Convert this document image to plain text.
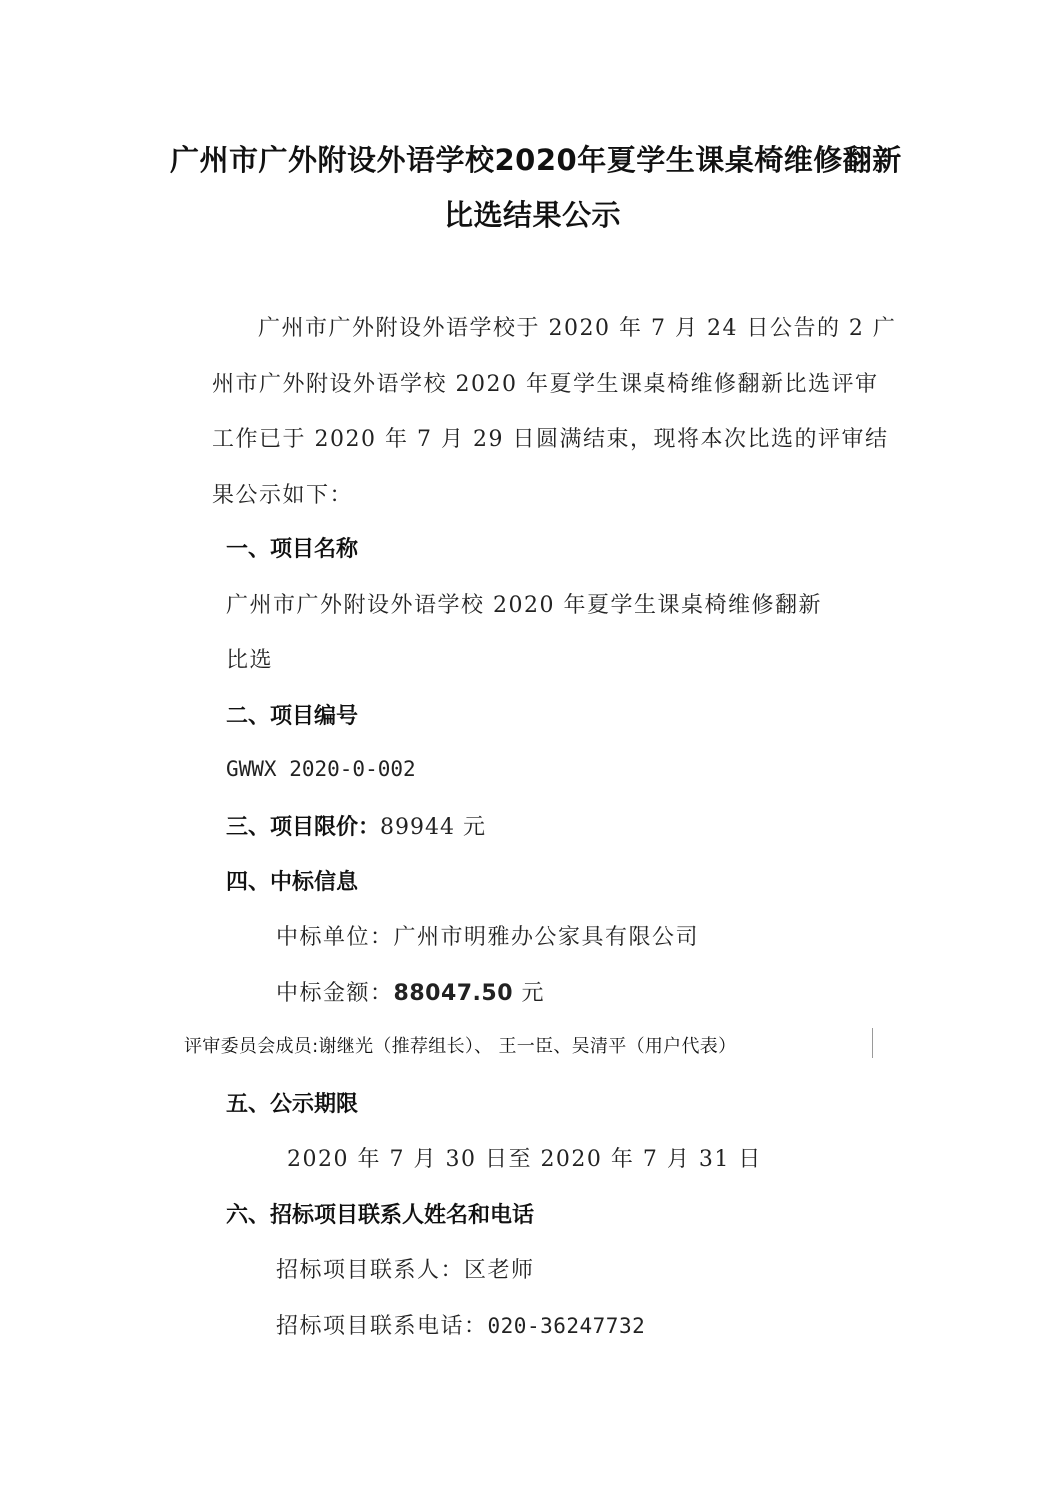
广州市广外附设外语学校2020年夏学生课桌椅维修翻新
比选结果公示
广州市广外附设外语学校于 2020 年 7 月 24 日公告的 2 广
州市广外附设外语学校 2020 年夏学生课桌椅维修翻新比选评审
工作已于 2020 年 7 月 29 日圆满结束，现将本次比选的评审结
果公示如下：
一、项目名称
广州市广外附设外语学校 2020 年夏学生课桌椅维修翻新
比选
二、项目编号
GWWX 2020-0-002
三、项目限价：89944 元
四、中标信息
中标单位：广州市明雅办公家具有限公司
中标金额：88047.50 元
评审委员会成员:谢继光（推荐组长）、 王一臣、吴清平（用户代表）
五、公示期限
2020 年 7 月 30 日至 2020 年 7 月 31 日
六、招标项目联系人姓名和电话
招标项目联系人：区老师
招标项目联系电话：020-36247732
